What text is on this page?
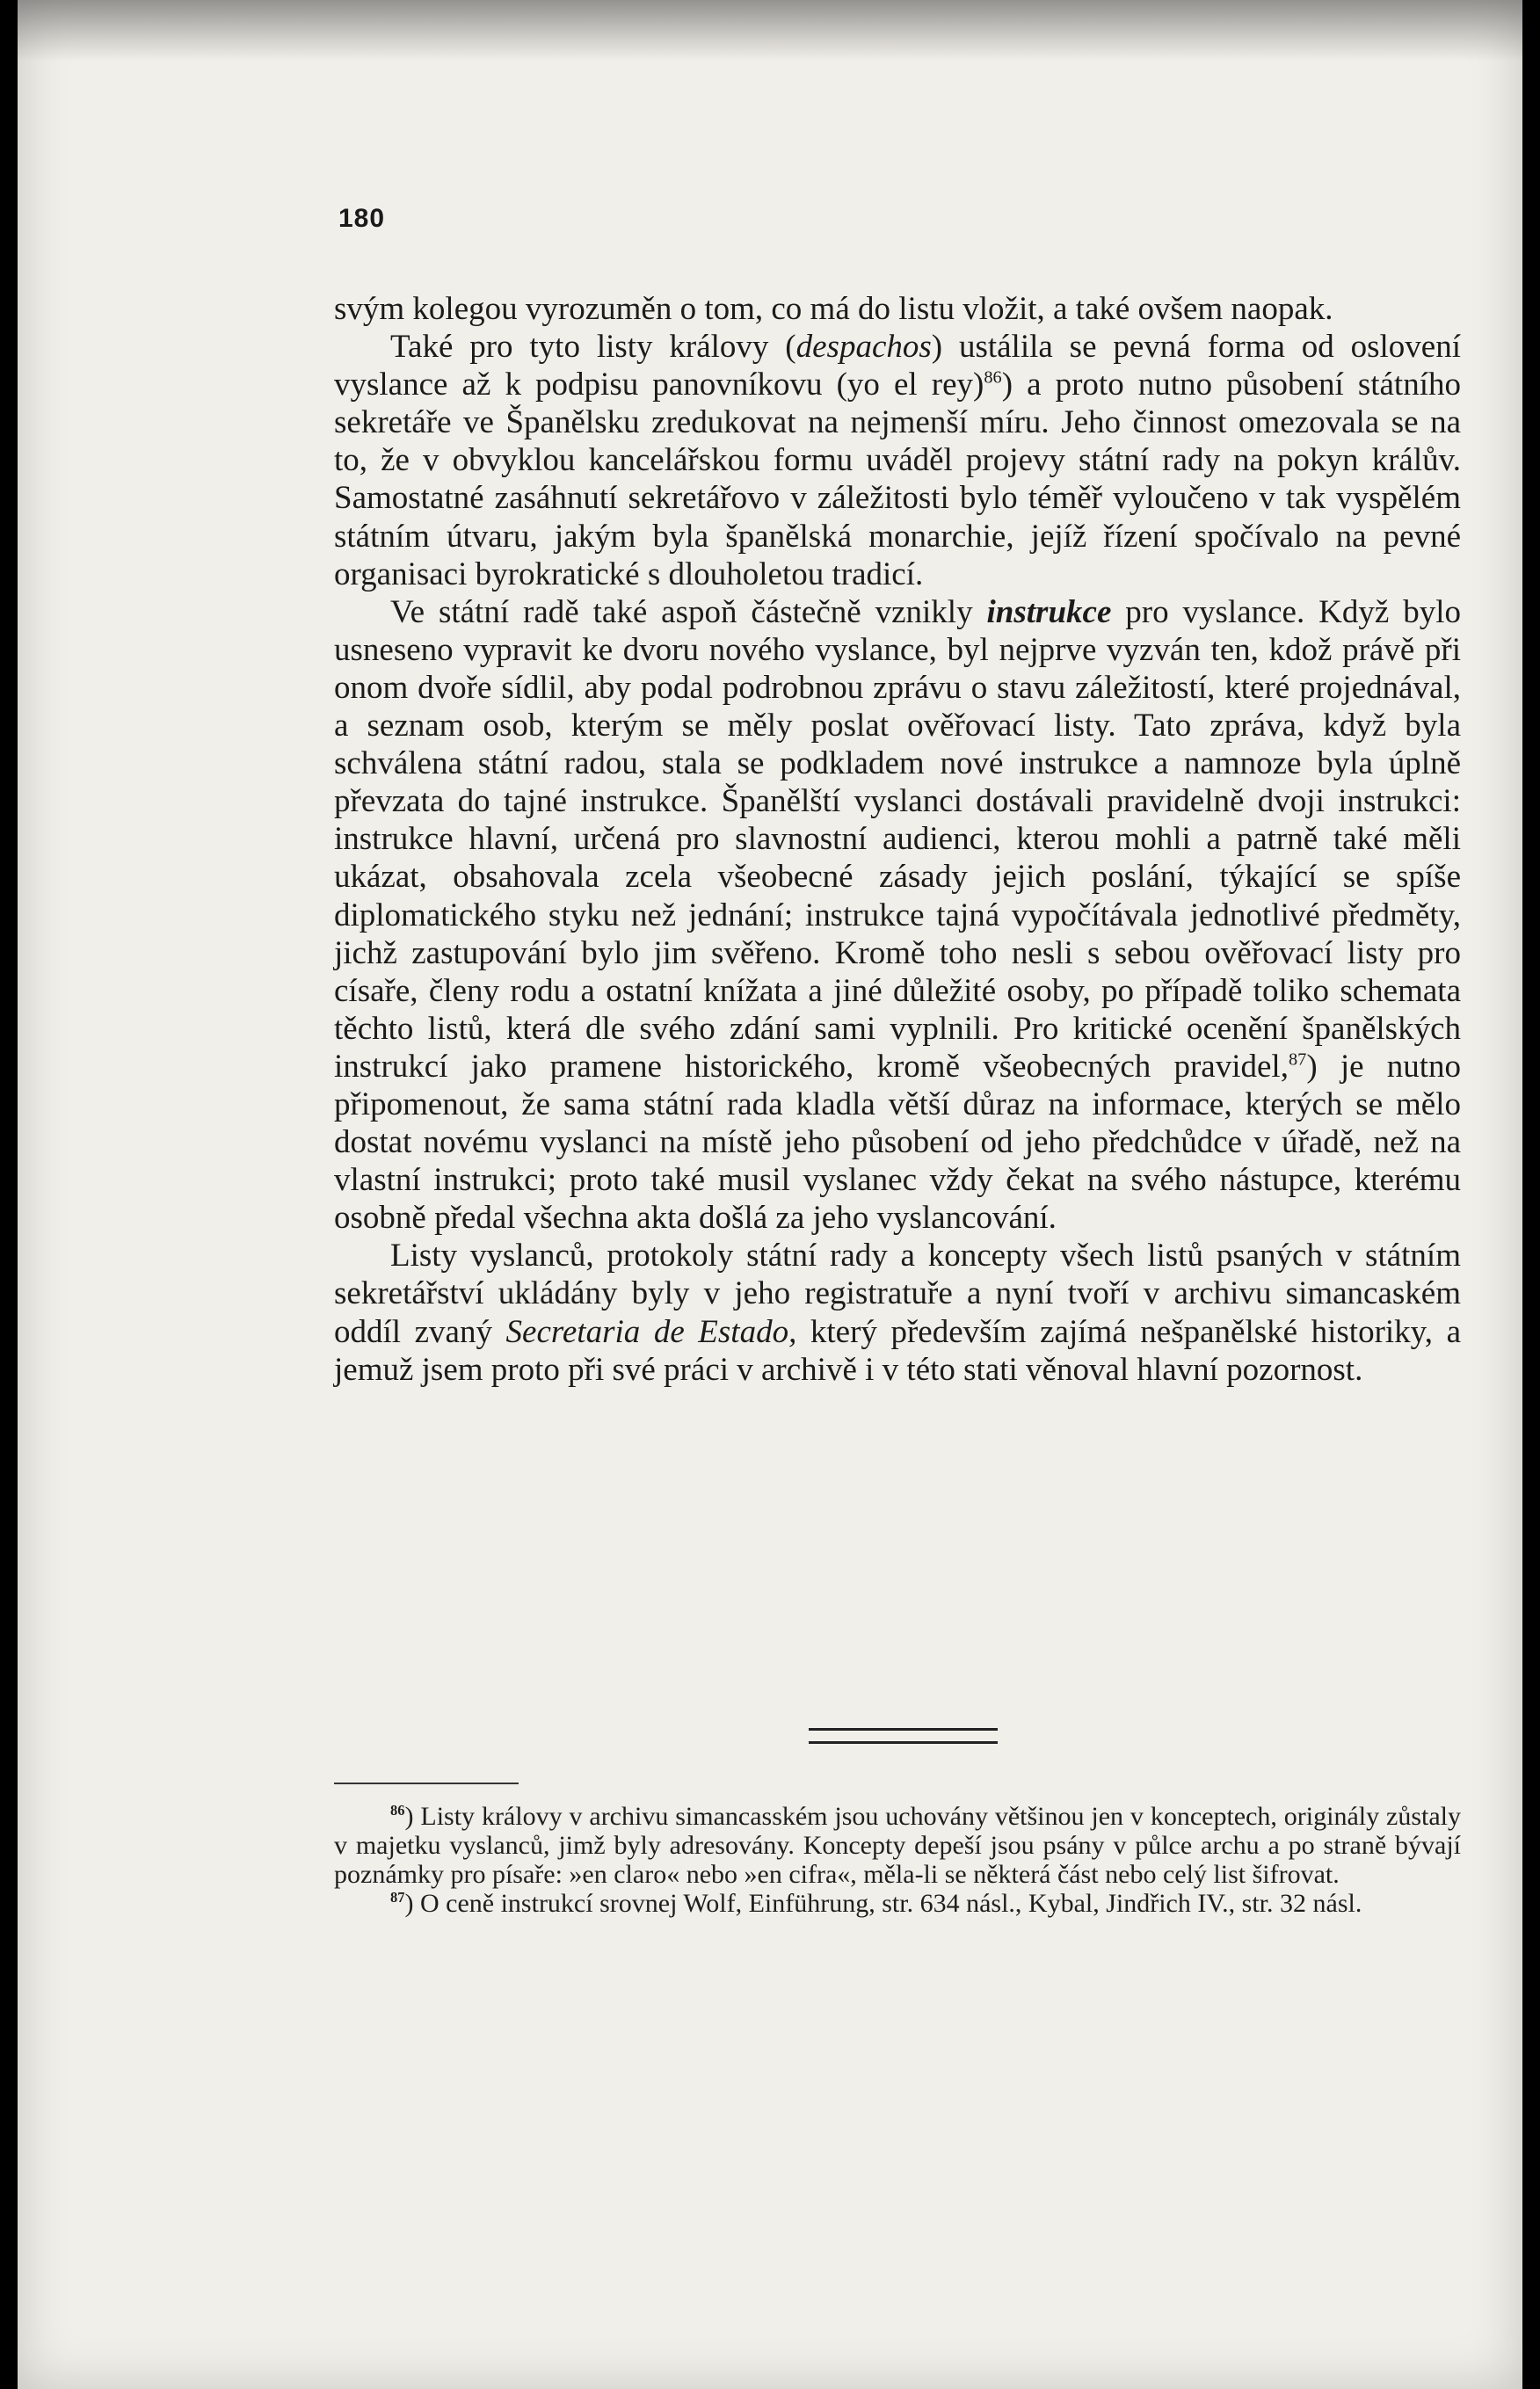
180

svým kolegou vyrozuměn o tom, co má do listu vložit, a také ovšem naopak.

Také pro tyto listy královy (despachos) ustálila se pevná forma od oslovení vyslance až k podpisu panovníkovu (yo el rey)$^{86}$) a proto nutno působení státního sekretáře ve Španělsku zredukovat na nejmenší míru. Jeho činnost omezovala se na to, že v obvyklou kancelářskou formu uváděl projevy státní rady na pokyn králův. Samostatné zasáhnutí sekretářovo v záležitosti bylo téměř vyloučeno v tak vyspělém státním útvaru, jakým byla španělská monarchie, jejíž řízení spočívalo na pevné organisaci byrokratické s dlouholetou tradicí.

Ve státní radě také aspoň částečně vznikly instrukce pro vyslance. Když bylo usneseno vypravit ke dvoru nového vyslance, byl nejprve vyzván ten, kdož právě při onom dvoře sídlil, aby podal podrobnou zprávu o stavu záležitostí, které projednával, a seznam osob, kterým se měly poslat ověřovací listy. Tato zpráva, když byla schválena státní radou, stala se podkladem nové instrukce a namnoze byla úplně převzata do tajné instrukce. Španělští vyslanci dostávali pravidelně dvoji instrukci: instrukce hlavní, určená pro slavnostní audienci, kterou mohli a patrně také měli ukázat, obsahovala zcela všeobecné zásady jejich poslání, týkající se spíše diplomatického styku než jednání; instrukce tajná vypočítávala jednotlivé předměty, jichž zastupování bylo jim svěřeno. Kromě toho nesli s sebou ověřovací listy pro císaře, členy rodu a ostatní knížata a jiné důležité osoby, po případě toliko schemata těchto listů, která dle svého zdání sami vyplnili. Pro kritické ocenění španělských instrukcí jako pramene historického, kromě všeobecných pravidel,$^{87}$) je nutno připomenout, že sama státní rada kladla větší důraz na informace, kterých se mělo dostat novému vyslanci na místě jeho působení od jeho předchůdce v úřadě, než na vlastní instrukci; proto také musil vyslanec vždy čekat na svého nástupce, kterému osobně předal všechna akta došlá za jeho vyslancování.

Listy vyslanců, protokoly státní rady a koncepty všech listů psaných v státním sekretářství ukládány byly v jeho registratuře a nyní tvoří v archivu simancaském oddíl zvaný Secretaria de Estado, který především zajímá nešpanělské historiky, a jemuž jsem proto při své práci v archivě i v této stati věnoval hlavní pozornost.

$^{86}$) Listy královy v archivu simancasském jsou uchovány většinou jen v konceptech, originály zůstaly v majetku vyslanců, jimž byly adresovány. Koncepty depeší jsou psány v půlce archu a po straně bývají poznámky pro písaře: »en claro« nebo »en cifra«, měla-li se některá část nebo celý list šifrovat.

$^{87}$) O ceně instrukcí srovnej Wolf, Einführung, str. 634 násl., Kybal, Jindřich IV., str. 32 násl.
